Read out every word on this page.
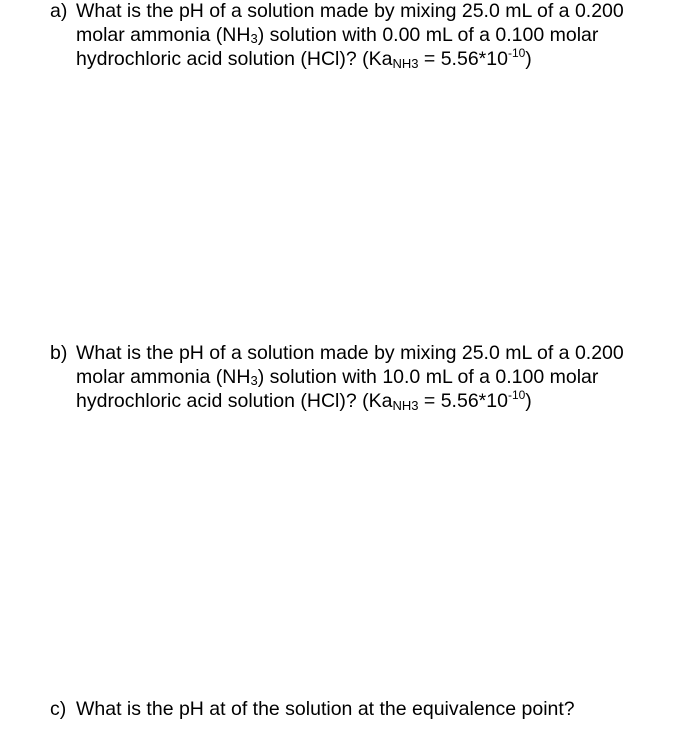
a) What is the pH of a solution made by mixing 25.0 mL of a 0.200
molar ammonia (NH3) solution with 0.00 mL of a 0.100 molar
hydrochloric acid solution (HCl)? (KaNH3 = $5.56*10^{-10}$)
b) What is the pH of a solution made by mixing 25.0 mL of a 0.200
molar ammonia (NH3) solution with 10.0 mL of a 0.100 molar
hydrochloric acid solution (HCl)? (KaNH3 = $5.56*10^{-10}$)
c) What is the pH at of the solution at the equivalence point?
